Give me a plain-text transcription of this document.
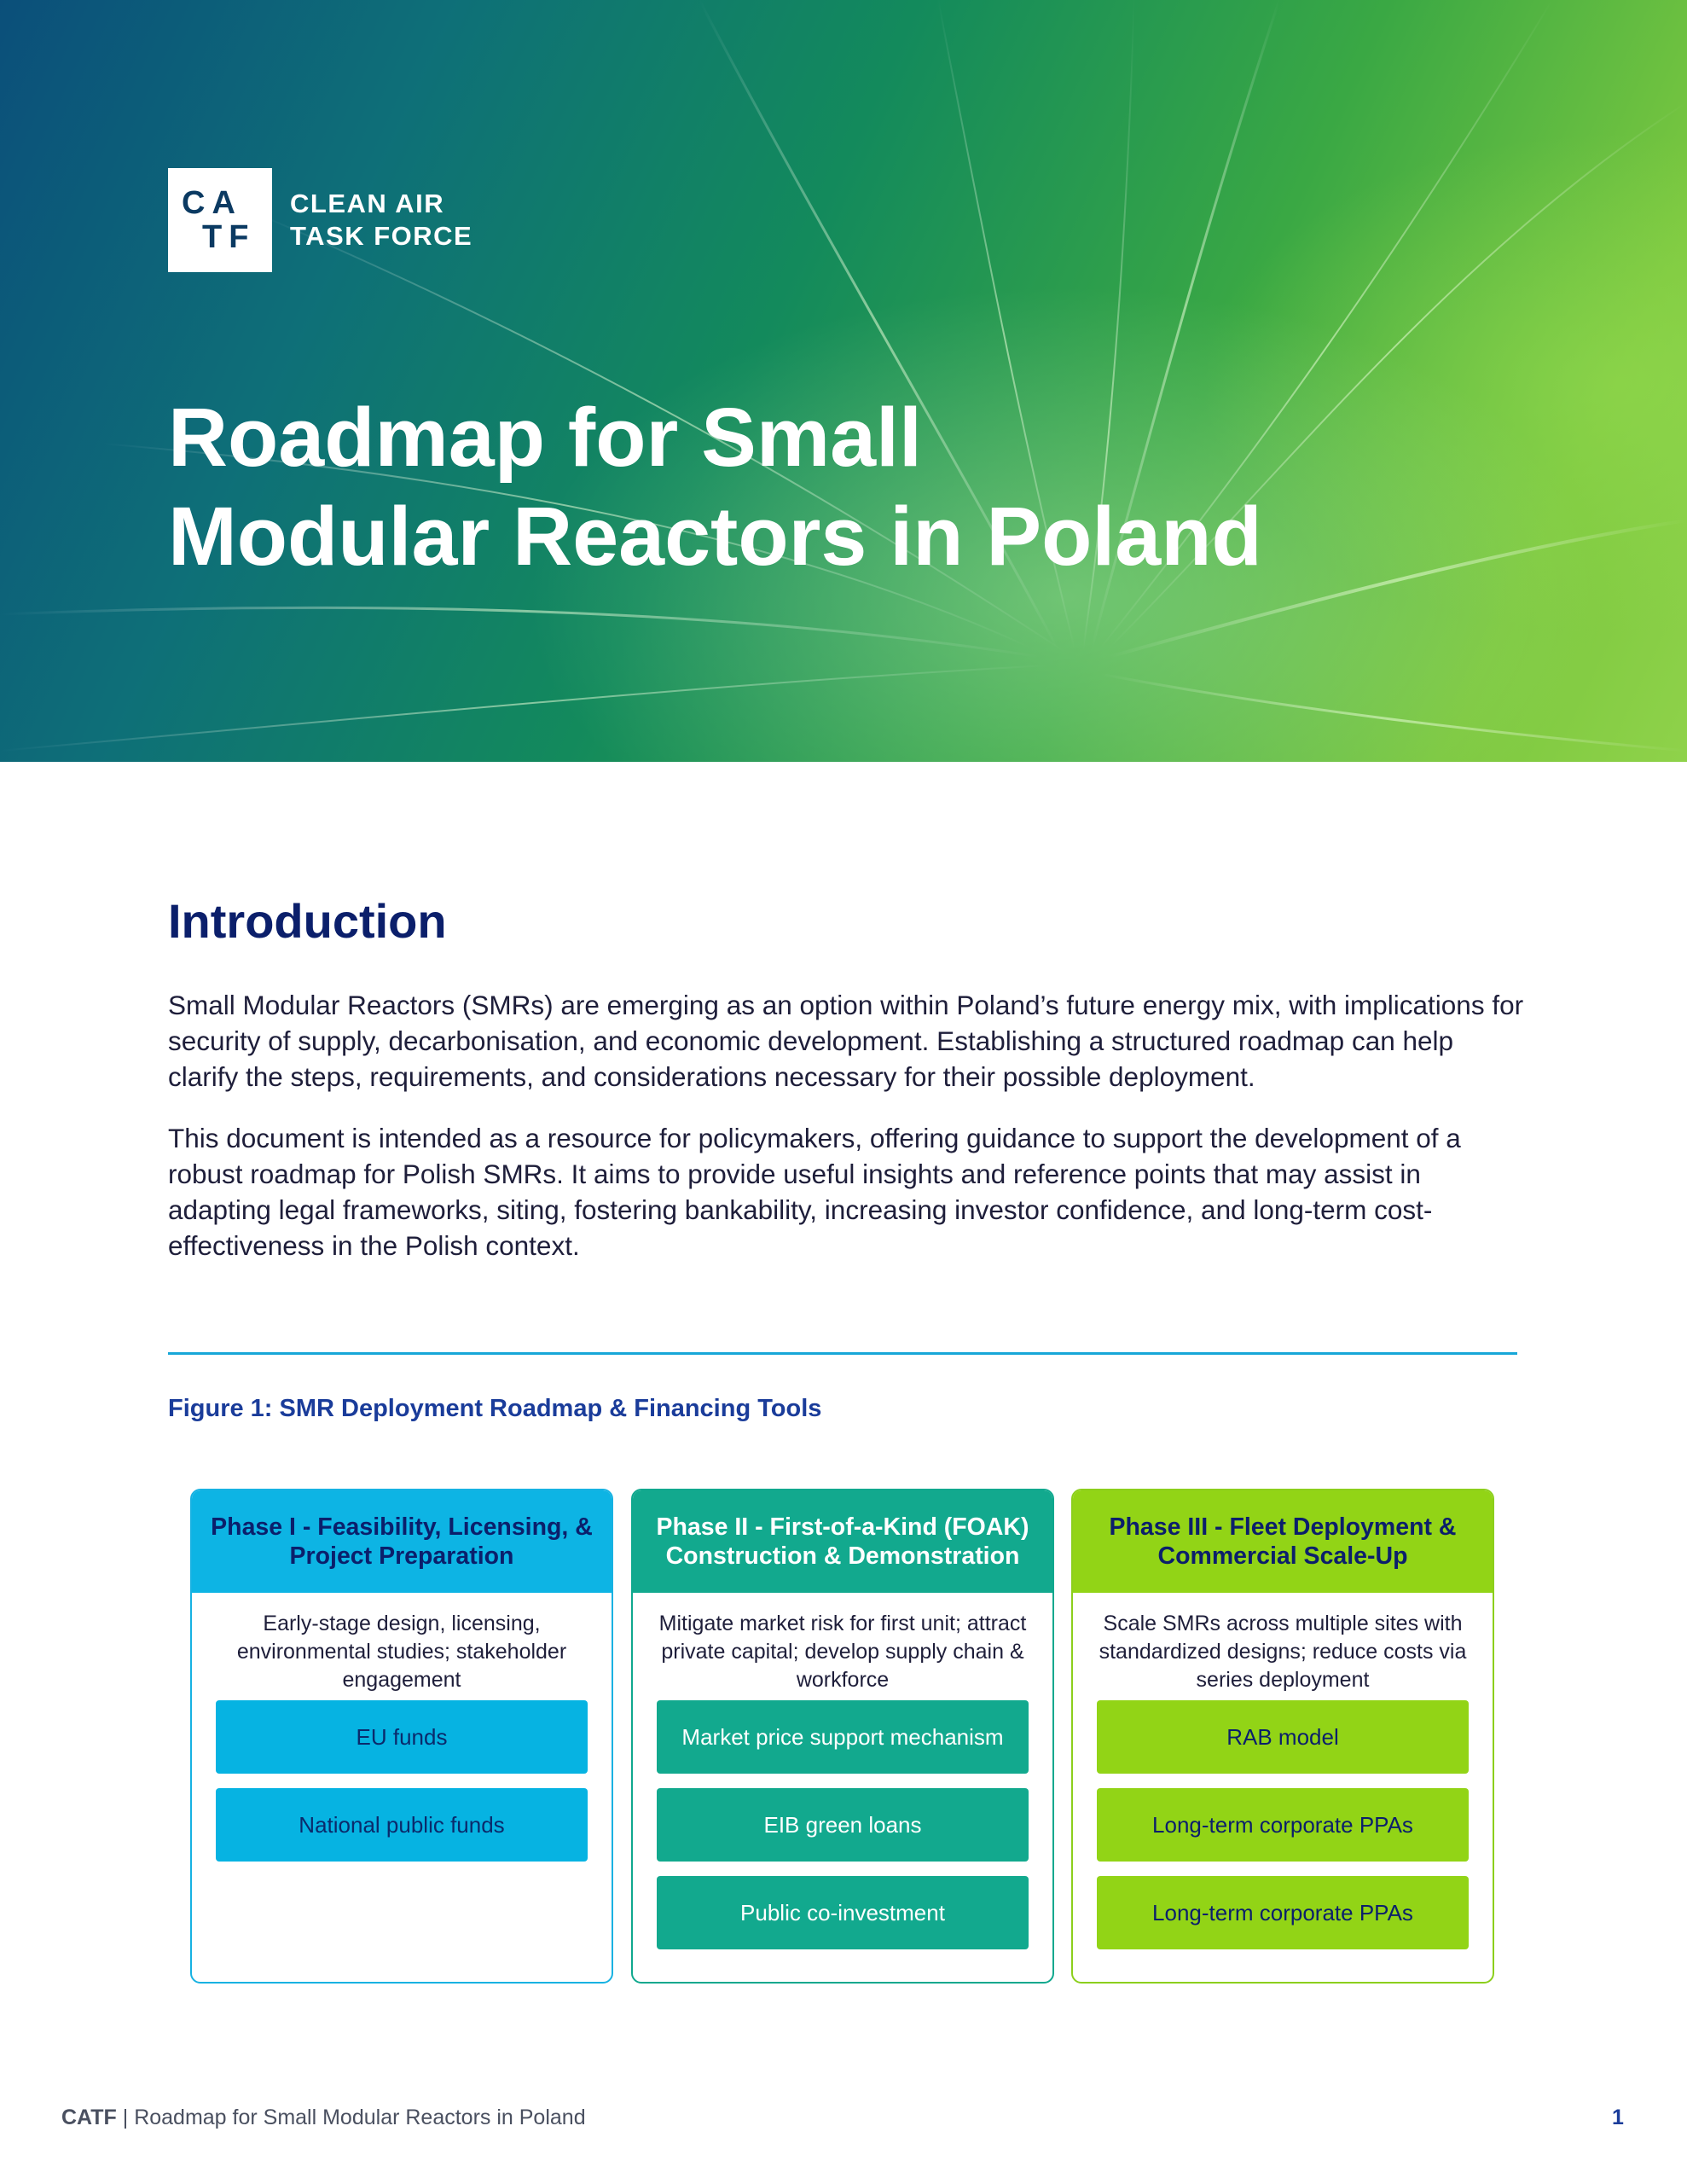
CA
TF
CLEAN AIR
TASK FORCE
Roadmap for Small
Modular Reactors in Poland
Introduction

Small Modular Reactors (SMRs) are emerging as an option within Poland’s future energy mix, with implications for security of supply, decarbonisation, and economic development. Establishing a structured roadmap can help clarify the steps, requirements, and considerations necessary for their possible deployment.

This document is intended as a resource for policymakers, offering guidance to support the development of a robust roadmap for Polish SMRs. It aims to provide useful insights and reference points that may assist in adapting legal frameworks, siting, fostering bankability, increasing investor confidence, and long-term cost-effectiveness in the Polish context.

Figure 1: SMR Deployment Roadmap & Financing Tools
Phase I - Feasibility, Licensing, & Project Preparation
Early-stage design, licensing, environmental studies; stakeholder engagement
EU funds
National public funds
Phase II - First-of-a-Kind (FOAK) Construction & Demonstration
Mitigate market risk for first unit; attract private capital; develop supply chain & workforce
Market price support mechanism
EIB green loans
Public co-investment
Phase III - Fleet Deployment & Commercial Scale-Up
Scale SMRs across multiple sites with standardized designs; reduce costs via series deployment
RAB model
Long-term corporate PPAs
Long-term corporate PPAs
CATF | Roadmap for Small Modular Reactors in Poland	1
